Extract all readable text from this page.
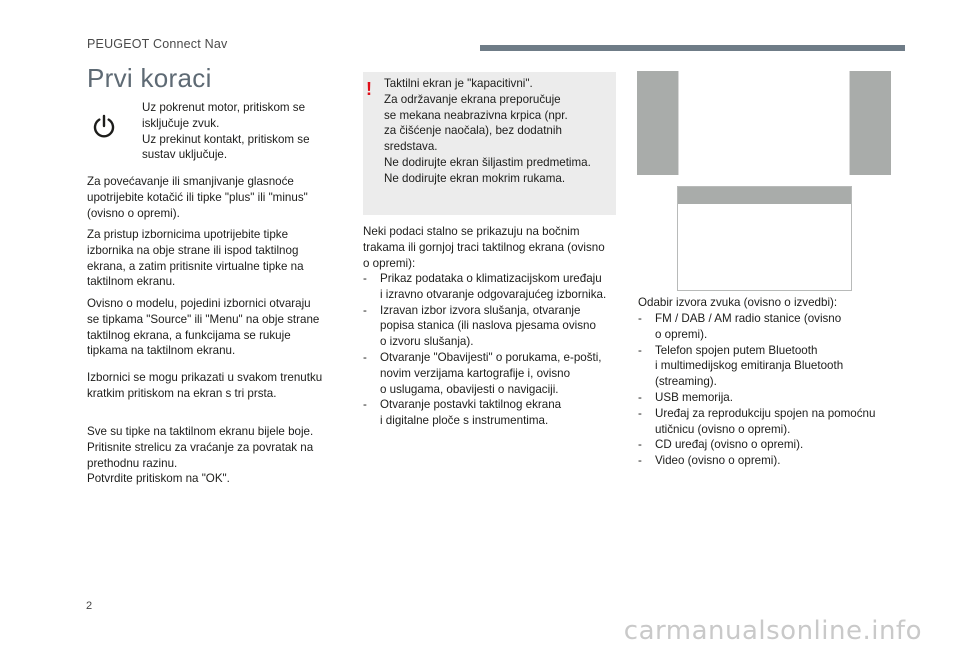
PEUGEOT Connect Nav
Prvi koraci
Uz pokrenut motor, pritiskom se
isključuje zvuk.
Uz prekinut kontakt, pritiskom se
sustav uključuje.
Za povećavanje ili smanjivanje glasnoće
upotrijebite kotačić ili tipke "plus" ili "minus"
(ovisno o opremi).
Za pristup izbornicima upotrijebite tipke
izbornika na obje strane ili ispod taktilnog
ekrana, a zatim pritisnite virtualne tipke na
taktilnom ekranu.
Ovisno o modelu, pojedini izbornici otvaraju
se tipkama "Source" ili "Menu" na obje strane
taktilnog ekrana, a funkcijama se rukuje
tipkama na taktilnom ekranu.
Izbornici se mogu prikazati u svakom trenutku
kratkim pritiskom na ekran s tri prsta.
Sve su tipke na taktilnom ekranu bijele boje.
Pritisnite strelicu za vraćanje za povratak na
prethodnu razinu.
Potvrdite pritiskom na "OK".
! Taktilni ekran je "kapacitivni".
Za održavanje ekrana preporučuje
se mekana neabrazivna krpica (npr.
za čišćenje naočala), bez dodatnih
sredstava.
Ne dodirujte ekran šiljastim predmetima.
Ne dodirujte ekran mokrim rukama.
Neki podaci stalno se prikazuju na bočnim
trakama ili gornjoj traci taktilnog ekrana (ovisno
o opremi):
- Prikaz podataka o klimatizacijskom uređaju
i izravno otvaranje odgovarajućeg izbornika.
- Izravan izbor izvora slušanja, otvaranje
popisa stanica (ili naslova pjesama ovisno
o izvoru slušanja).
- Otvaranje "Obavijesti" o porukama, e-pošti,
novim verzijama kartografije i, ovisno
o uslugama, obavijesti o navigaciji.
- Otvaranje postavki taktilnog ekrana
i digitalne ploče s instrumentima.
Odabir izvora zvuka (ovisno o izvedbi):
- FM / DAB / AM radio stanice (ovisno
o opremi).
- Telefon spojen putem Bluetooth
i multimedijskog emitiranja Bluetooth
(streaming).
- USB memorija.
- Uređaj za reprodukciju spojen na pomoćnu
utičnicu (ovisno o opremi).
- CD uređaj (ovisno o opremi).
- Video (ovisno o opremi).
2
carmanualsonline.info
